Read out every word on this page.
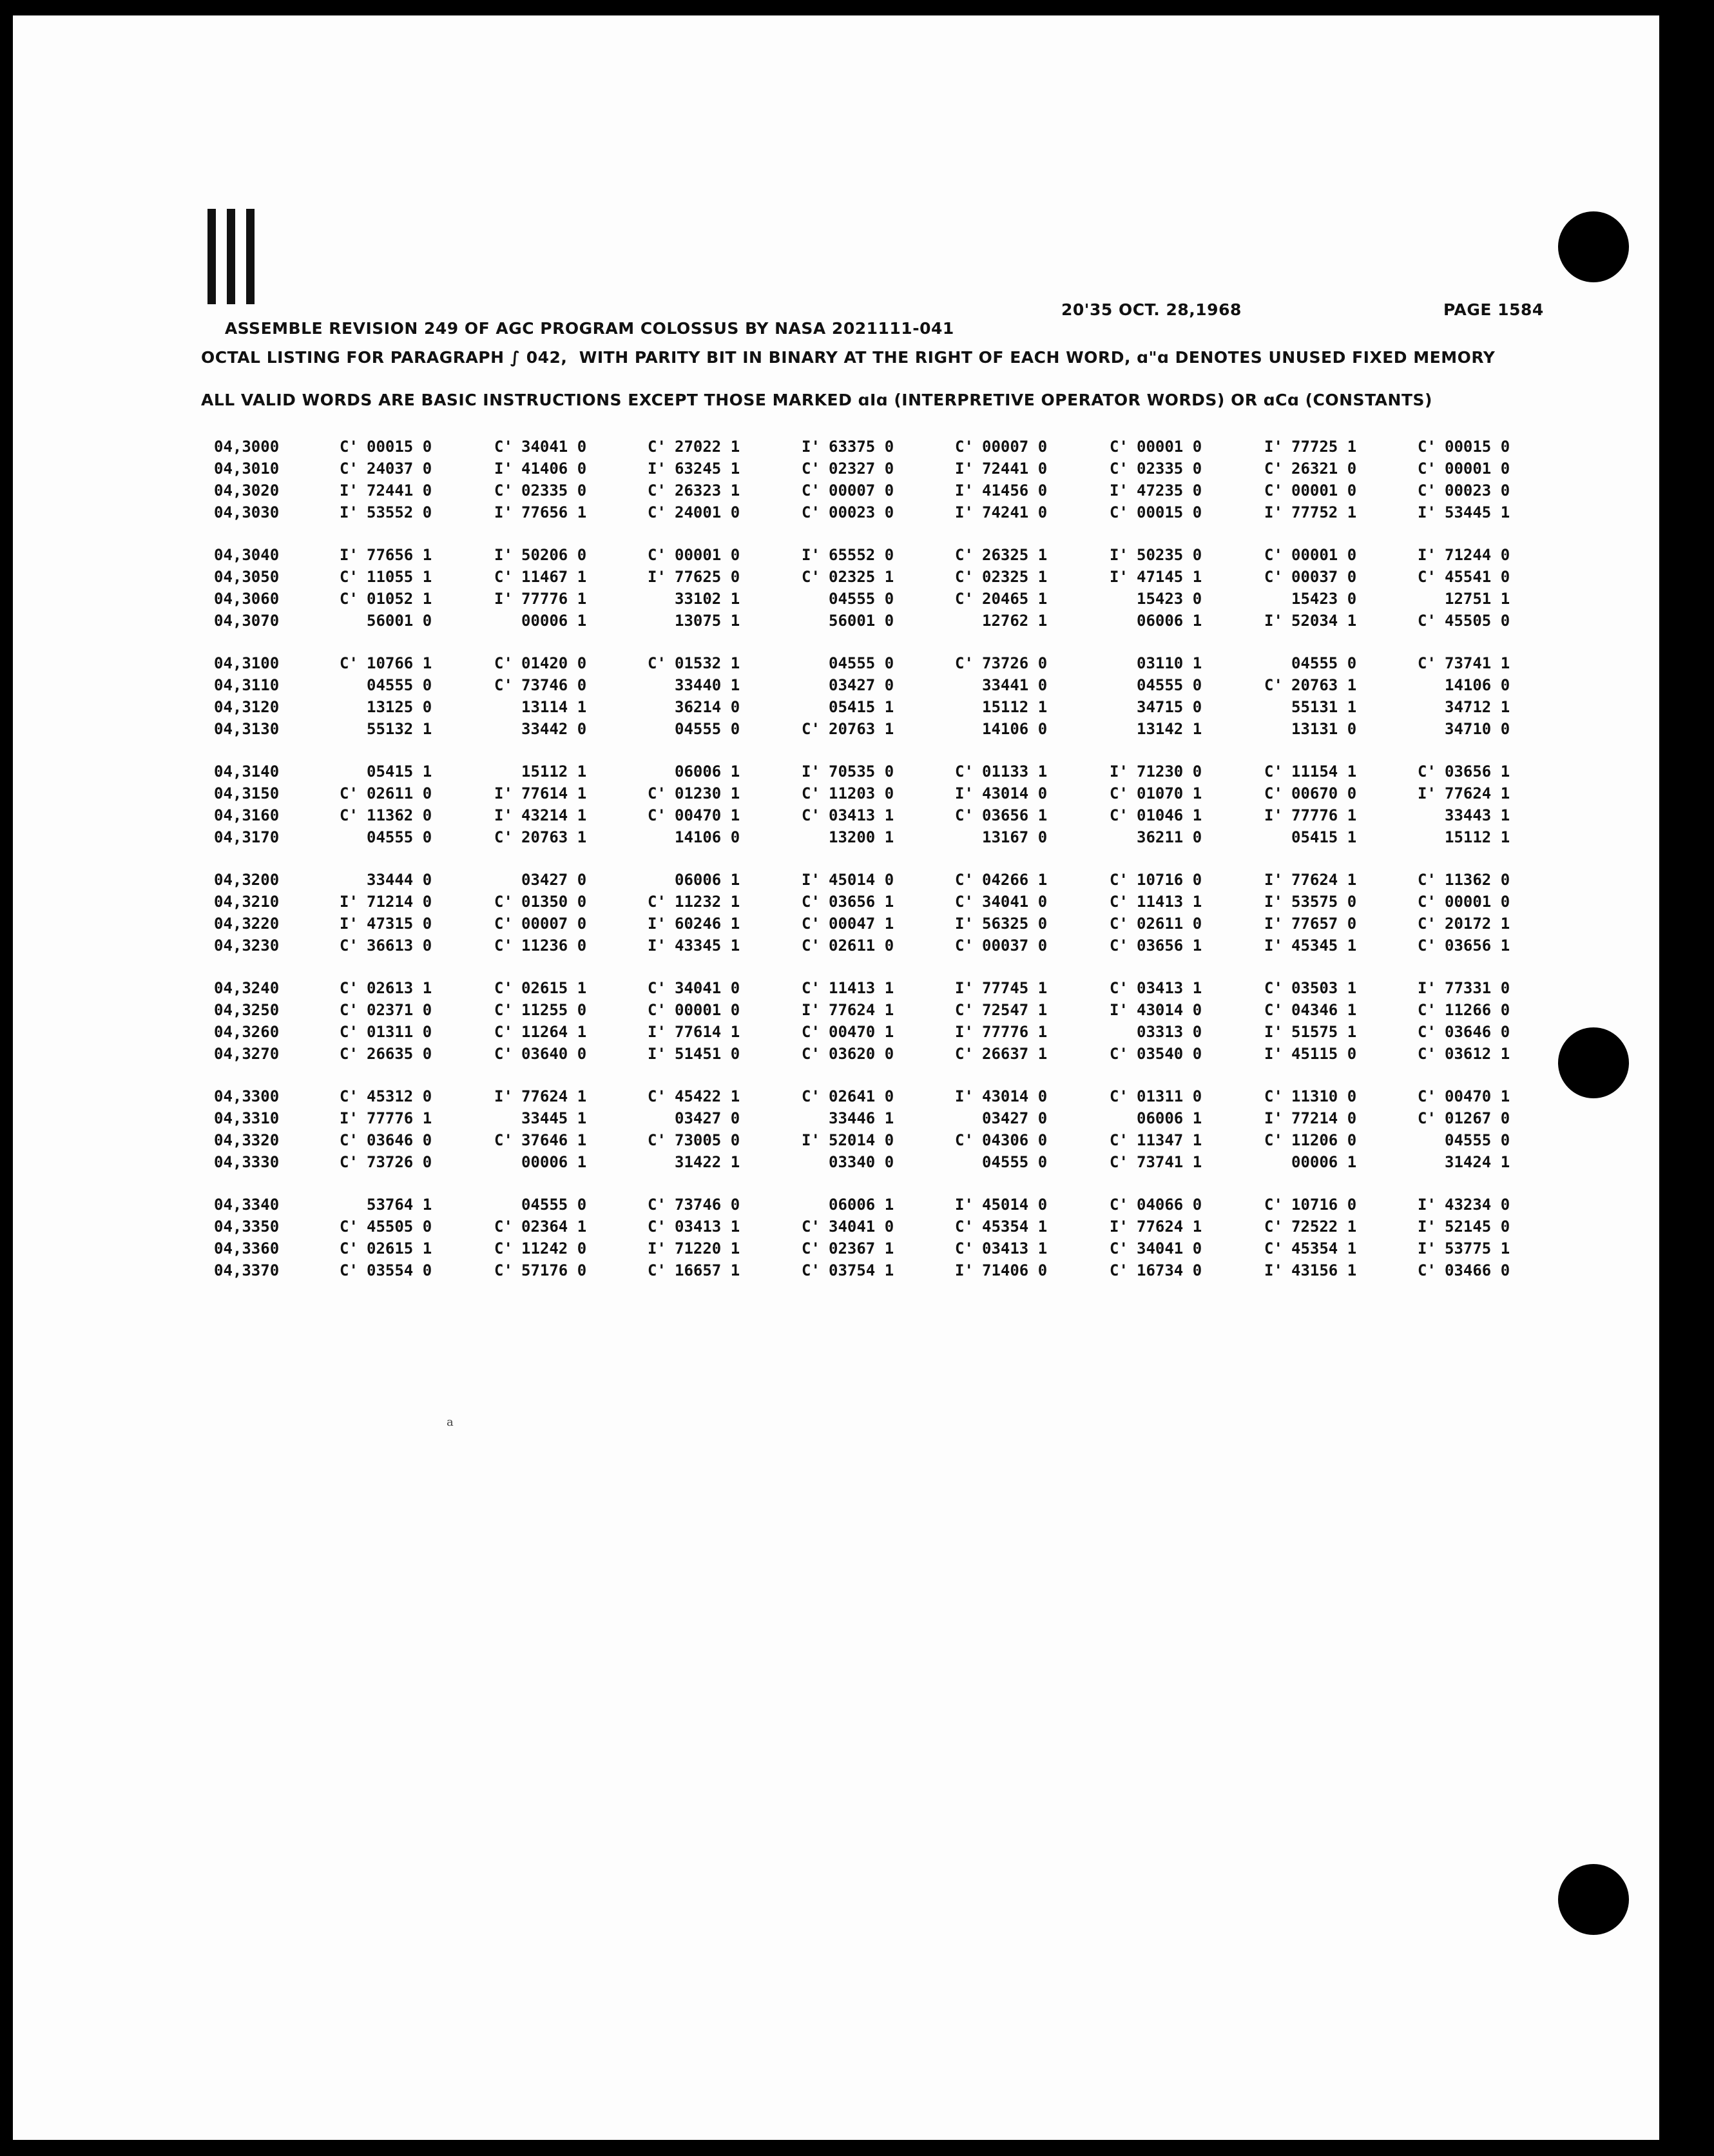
ASSEMBLE REVISION 249 OF AGC PROGRAM COLOSSUS BY NASA 2021111-041

20'35 OCT. 28,1968

	PAGE 1584

OCTAL LISTING FOR PARAGRAPH ∫ 042,  WITH PARITY BIT IN BINARY AT THE RIGHT OF EACH WORD, ɑ"ɑ DENOTES UNUSED FIXED MEMORY
ALL VALID WORDS ARE BASIC INSTRUCTIONS EXCEPT THOSE MARKED ɑIɑ (INTERPRETIVE OPERATOR WORDS) OR ɑCɑ (CONSTANTS)
04,3000	C' 00015 0	C' 34041 0	C' 27022 1	I' 63375 0	C' 00007 0	C' 00001 0	I' 77725 1	C' 00015 0
04,3010	C' 24037 0	I' 41406 0	I' 63245 1	C' 02327 0	I' 72441 0	C' 02335 0	C' 26321 0	C' 00001 0
04,3020	I' 72441 0	C' 02335 0	C' 26323 1	C' 00007 0	I' 41456 0	I' 47235 0	C' 00001 0	C' 00023 0
04,3030	I' 53552 0	I' 77656 1	C' 24001 0	C' 00023 0	I' 74241 0	C' 00015 0	I' 77752 1	I' 53445 1
04,3040	I' 77656 1	I' 50206 0	C' 00001 0	I' 65552 0	C' 26325 1	I' 50235 0	C' 00001 0	I' 71244 0
04,3050	C' 11055 1	C' 11467 1	I' 77625 0	C' 02325 1	C' 02325 1	I' 47145 1	C' 00037 0	C' 45541 0
04,3060	C' 01052 1	I' 77776 1	33102 1	04555 0	C' 20465 1	15423 0	15423 0	12751 1
04,3070	56001 0	00006 1	13075 1	56001 0	12762 1	06006 1	I' 52034 1	C' 45505 0
04,3100	C' 10766 1	C' 01420 0	C' 01532 1	04555 0	C' 73726 0	03110 1	04555 0	C' 73741 1
04,3110	04555 0	C' 73746 0	33440 1	03427 0	33441 0	04555 0	C' 20763 1	14106 0
04,3120	13125 0	13114 1	36214 0	05415 1	15112 1	34715 0	55131 1	34712 1
04,3130	55132 1	33442 0	04555 0	C' 20763 1	14106 0	13142 1	13131 0	34710 0
04,3140	05415 1	15112 1	06006 1	I' 70535 0	C' 01133 1	I' 71230 0	C' 11154 1	C' 03656 1
04,3150	C' 02611 0	I' 77614 1	C' 01230 1	C' 11203 0	I' 43014 0	C' 01070 1	C' 00670 0	I' 77624 1
04,3160	C' 11362 0	I' 43214 1	C' 00470 1	C' 03413 1	C' 03656 1	C' 01046 1	I' 77776 1	33443 1
04,3170	04555 0	C' 20763 1	14106 0	13200 1	13167 0	36211 0	05415 1	15112 1
04,3200	33444 0	03427 0	06006 1	I' 45014 0	C' 04266 1	C' 10716 0	I' 77624 1	C' 11362 0
04,3210	I' 71214 0	C' 01350 0	C' 11232 1	C' 03656 1	C' 34041 0	C' 11413 1	I' 53575 0	C' 00001 0
04,3220	I' 47315 0	C' 00007 0	I' 60246 1	C' 00047 1	I' 56325 0	C' 02611 0	I' 77657 0	C' 20172 1
04,3230	C' 36613 0	C' 11236 0	I' 43345 1	C' 02611 0	C' 00037 0	C' 03656 1	I' 45345 1	C' 03656 1
04,3240	C' 02613 1	C' 02615 1	C' 34041 0	C' 11413 1	I' 77745 1	C' 03413 1	C' 03503 1	I' 77331 0
04,3250	C' 02371 0	C' 11255 0	C' 00001 0	I' 77624 1	C' 72547 1	I' 43014 0	C' 04346 1	C' 11266 0
04,3260	C' 01311 0	C' 11264 1	I' 77614 1	C' 00470 1	I' 77776 1	03313 0	I' 51575 1	C' 03646 0
04,3270	C' 26635 0	C' 03640 0	I' 51451 0	C' 03620 0	C' 26637 1	C' 03540 0	I' 45115 0	C' 03612 1
04,3300	C' 45312 0	I' 77624 1	C' 45422 1	C' 02641 0	I' 43014 0	C' 01311 0	C' 11310 0	C' 00470 1
04,3310	I' 77776 1	33445 1	03427 0	33446 1	03427 0	06006 1	I' 77214 0	C' 01267 0
04,3320	C' 03646 0	C' 37646 1	C' 73005 0	I' 52014 0	C' 04306 0	C' 11347 1	C' 11206 0	04555 0
04,3330	C' 73726 0	00006 1	31422 1	03340 0	04555 0	C' 73741 1	00006 1	31424 1
04,3340	53764 1	04555 0	C' 73746 0	06006 1	I' 45014 0	C' 04066 0	C' 10716 0	I' 43234 0
04,3350	C' 45505 0	C' 02364 1	C' 03413 1	C' 34041 0	C' 45354 1	I' 77624 1	C' 72522 1	I' 52145 0
04,3360	C' 02615 1	C' 11242 0	I' 71220 1	C' 02367 1	C' 03413 1	C' 34041 0	C' 45354 1	I' 53775 1
04,3370	C' 03554 0	C' 57176 0	C' 16657 1	C' 03754 1	I' 71406 0	C' 16734 0	I' 43156 1	C' 03466 0
a
